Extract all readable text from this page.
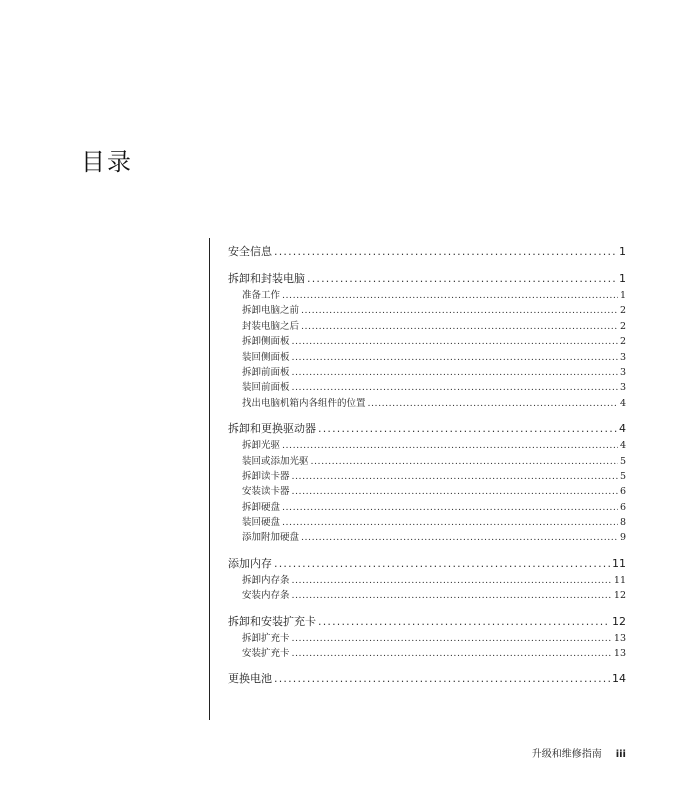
目录
安全信息 .....	1
拆卸和封装电脑 .....	1
准备工作 .....	1
拆卸电脑之前 .....	2
封装电脑之后 .....	2
拆卸侧面板 .....	2
装回侧面板 .....	3
拆卸前面板 .....	3
装回前面板 .....	3
找出电脑机箱内各组件的位置 .....	4
拆卸和更换驱动器 .....	4
拆卸光驱 .....	4
装回或添加光驱 .....	5
拆卸读卡器 .....	5
安装读卡器 .....	6
拆卸硬盘 .....	6
装回硬盘 .....	8
添加附加硬盘 .....	9
添加内存 .....	11
拆卸内存条 .....	11
安装内存条 .....	12
拆卸和安装扩充卡 .....	12
拆卸扩充卡 .....	13
安装扩充卡 .....	13
更换电池 .....	14
升级和维修指南 iii
